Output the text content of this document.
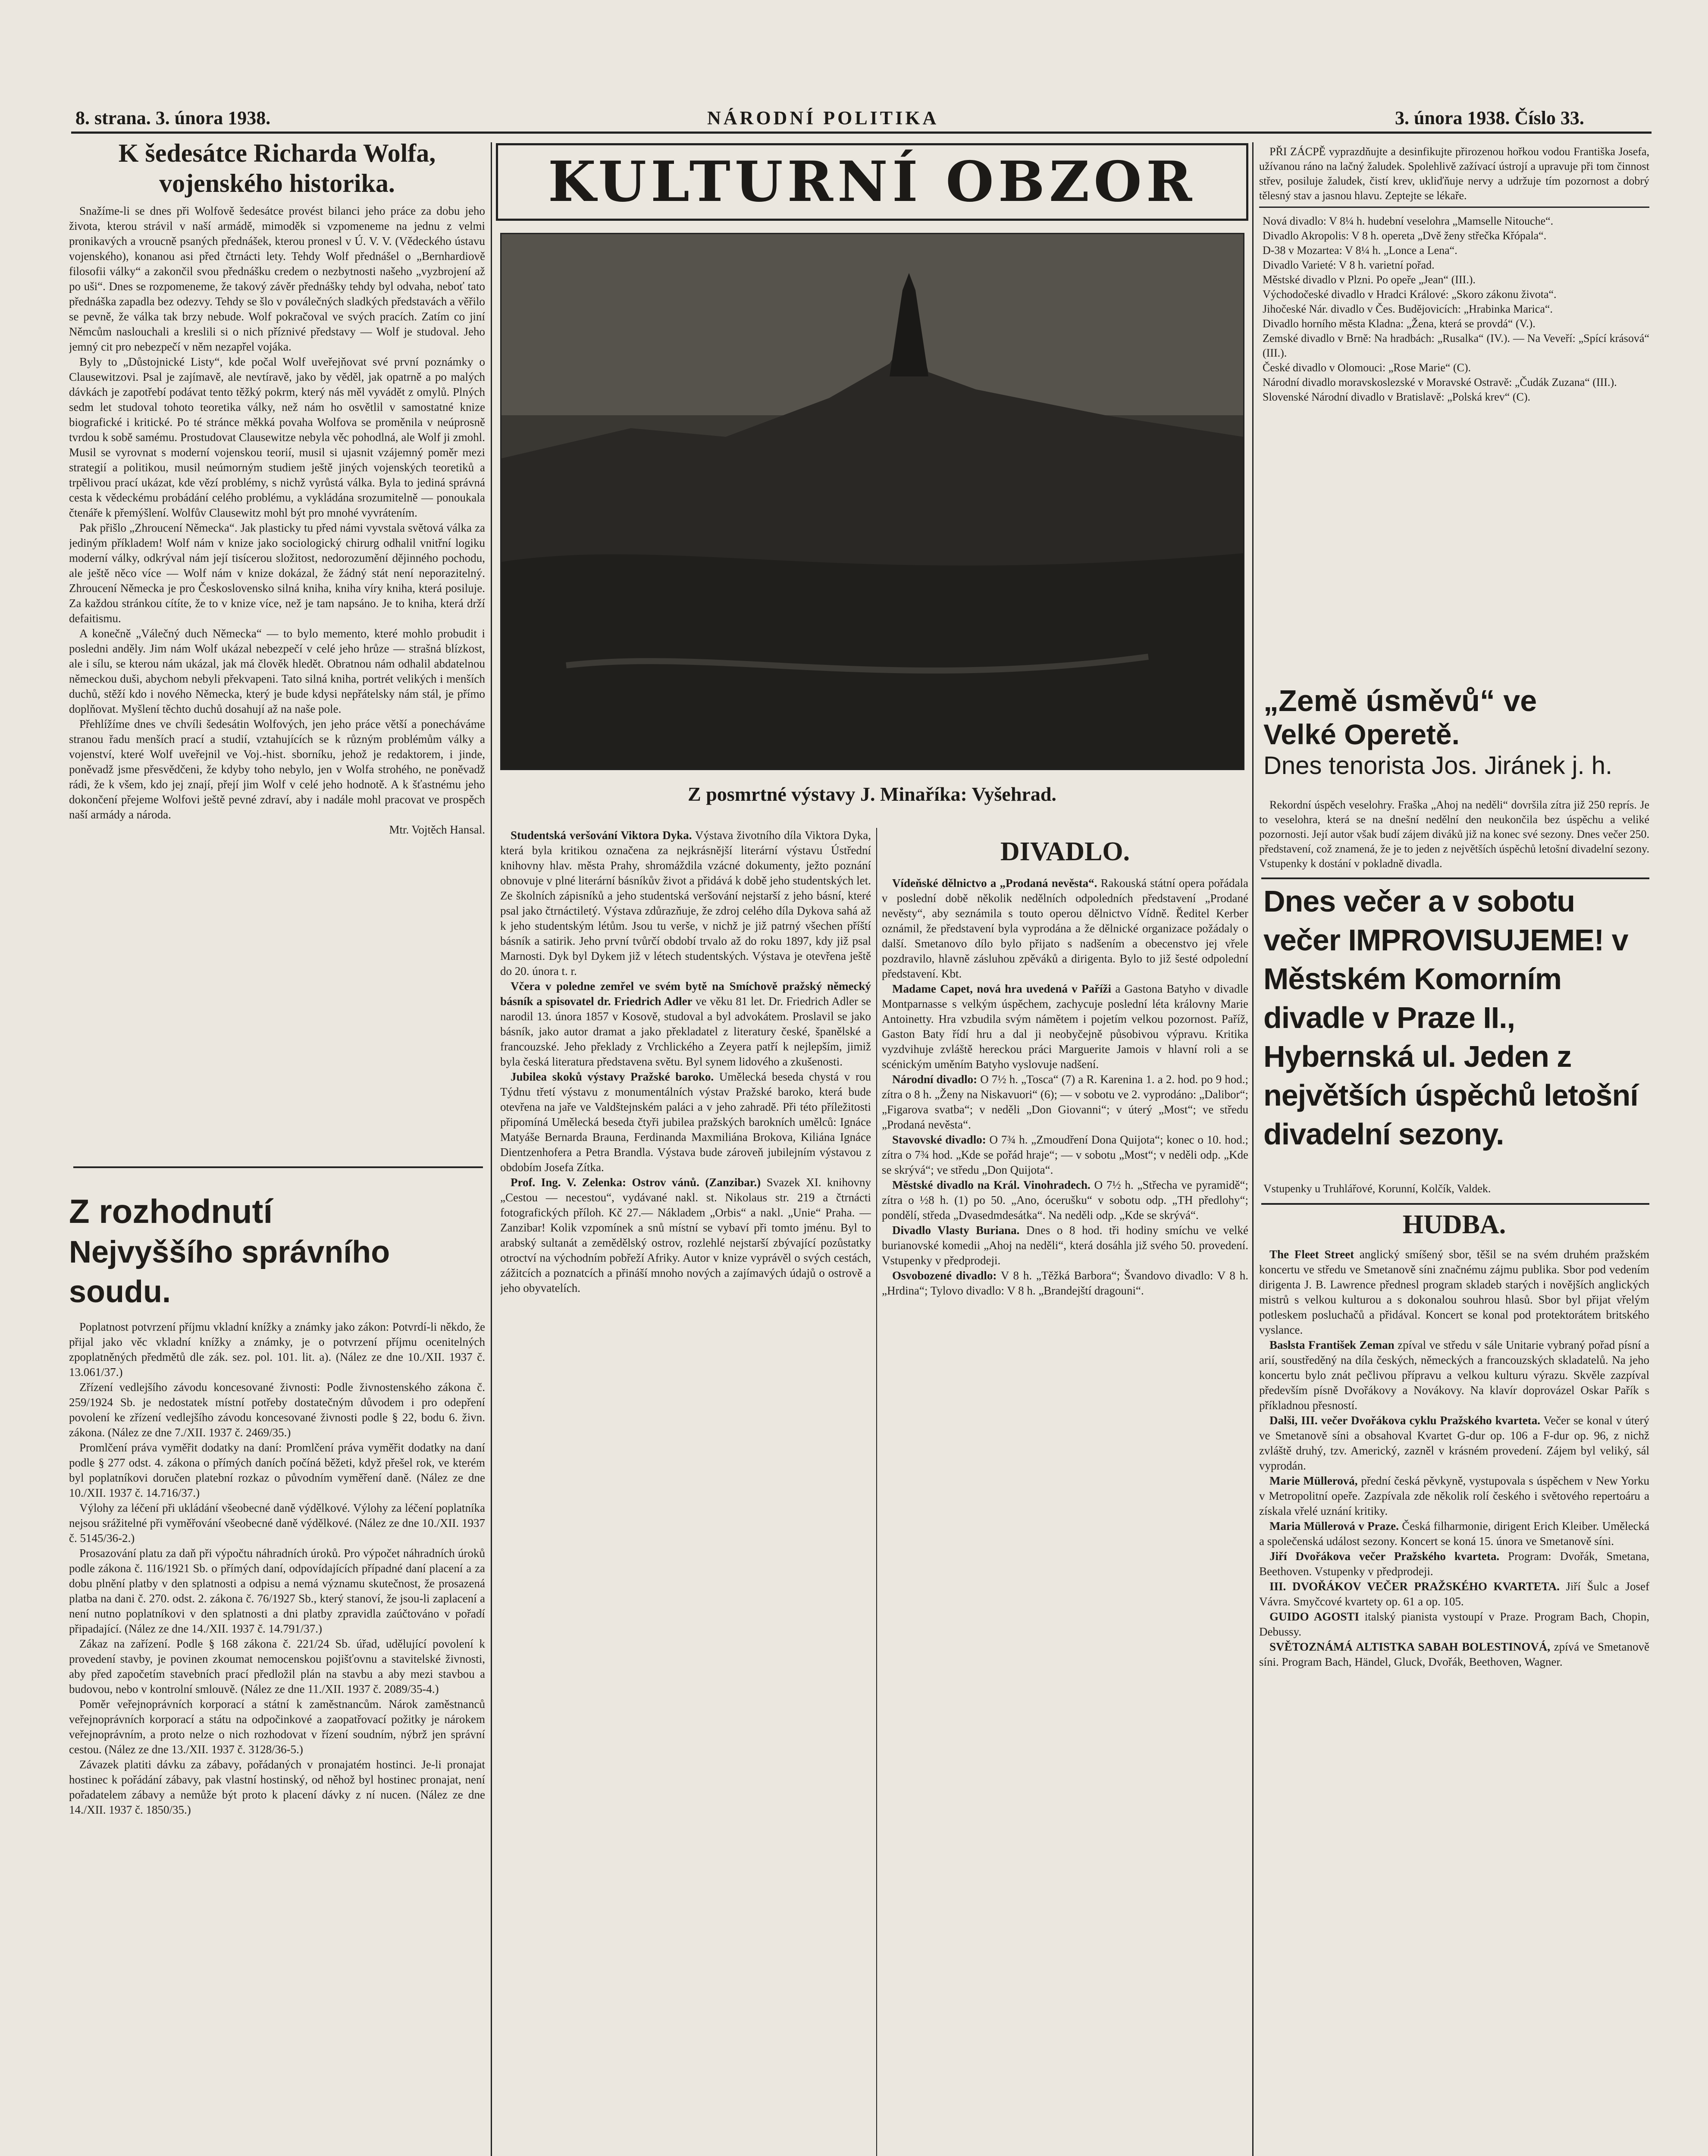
8. strana. 3. února 1938.	NÁRODNÍ POLITIKA	3. února 1938. Číslo 33.

K šedesátce Richarda Wolfa,

vojenského historika.

Snažíme-li se dnes při Wolfově šedesátce provést bilanci jeho práce za dobu jeho života, kterou strávil v naší armádě, mimoděk si vzpomeneme na jednu z velmi pronikavých a vroucně psaných přednášek, kterou pronesl v Ú. V. V. (Vědeckého ústavu vojenského), konanou asi před čtrnácti lety. Tehdy Wolf přednášel o „Bernhardiově filosofii války“ a zakončil svou přednášku credem o nezbytnosti našeho „vyzbrojení až po uši“. Dnes se rozpomeneme, že takový závěr přednášky tehdy byl odvaha, neboť tato přednáška zapadla bez odezvy. Tehdy se šlo v poválečných sladkých představách a věřilo se pevně, že válka tak brzy nebude. Wolf pokračoval ve svých pracích. Zatím co jiní Němcům naslouchali a kreslili si o nich příznivé představy — Wolf je studoval. Jeho jemný cit pro nebezpečí v něm nezapřel vojáka.

Byly to „Důstojnické Listy“, kde počal Wolf uveřejňovat své první poznámky o Clausewitzovi. Psal je zajímavě, ale nevtíravě, jako by věděl, jak opatrně a po malých dávkách je zapotřebí podávat tento těžký pokrm, který nás měl vyvádět z omylů. Plných sedm let studoval tohoto teoretika války, než nám ho osvětlil v samostatné knize biografické i kritické. Po té stránce měkká povaha Wolfova se proměnila v neúprosně tvrdou k sobě samému. Prostudovat Clausewitze nebyla věc pohodlná, ale Wolf ji zmohl. Musil se vyrovnat s moderní vojenskou teorií, musil si ujasnit vzájemný poměr mezi strategií a politikou, musil neúmorným studiem ještě jiných vojenských teoretiků a trpělivou prací ukázat, kde vězí problémy, s nichž vyrůstá válka. Byla to jediná správná cesta k vědeckému probádání celého problému, a vykládána srozumitelně — ponoukala čtenáře k přemýšlení. Wolfův Clausewitz mohl být pro mnohé vyvrátením.

Pak přišlo „Zhroucení Německa“. Jak plasticky tu před námi vyvstala světová válka za jediným příkladem! Wolf nám v knize jako sociologický chirurg odhalil vnitřní logiku moderní války, odkrýval nám její tisícerou složitost, nedorozumění dějinného pochodu, ale ještě něco více — Wolf nám v knize dokázal, že žádný stát není neporazitelný. Zhroucení Německa je pro Československo silná kniha, kniha víry kniha, která posiluje. Za každou stránkou cítíte, že to v knize více, než je tam napsáno. Je to kniha, která drží defaitismu.

A konečně „Válečný duch Německa“ — to bylo memento, které mohlo probudit i posledni anděly. Jim nám Wolf ukázal nebezpečí v celé jeho hrůze — strašná blízkost, ale i sílu, se kterou nám ukázal, jak má člověk hledět. Obratnou nám odhalil abdatelnou německou duši, abychom nebyli překvapeni. Tato silná kniha, portrét velikých i menších duchů, stěží kdo i nového Německa, který je bude kdysi nepřátelsky nám stál, je přímo doplňovat. Myšlení těchto duchů dosahují až na naše pole.

Přehlížíme dnes ve chvíli šedesátin Wolfových, jen jeho práce větší a ponecháváme stranou řadu menších prací a studií, vztahujících se k různým problémům války a vojenství, které Wolf uveřejnil ve Voj.-hist. sborníku, jehož je redaktorem, i jinde, poněvadž jsme přesvědčeni, že kdyby toho nebylo, jen v Wolfa strohého, ne poněvadž rádi, že k všem, kdo jej znají, přejí jim Wolf v celé jeho hodnotě. A k šťastnému jeho dokončení přejeme Wolfovi ještě pevné zdraví, aby i nadále mohl pracovat ve prospěch naší armády a národa.

Mtr. Vojtěch Hansal.

Z rozhodnutí

Nejvyššího správního soudu.

Poplatnost potvrzení příjmu vkladní knížky a známky jako zákon: Potvrdí-li někdo, že přijal jako věc vkladní knížky a známky, je o potvrzení příjmu ocenitelných zpoplatněných předmětů dle zák. sez. pol. 101. lit. a). (Nález ze dne 10./XII. 1937 č. 13.061/37.)

Zřízení vedlejšího závodu koncesované živnosti: Podle živnostenského zákona č. 259/1924 Sb. je nedostatek místní potřeby dostatečným důvodem i pro odepření povolení ke zřízení vedlejšího závodu koncesované živnosti podle § 22, bodu 6. živn. zákona. (Nález ze dne 7./XII. 1937 č. 2469/35.)

Promlčení práva vyměřit dodatky na daní: Promlčení práva vyměřit dodatky na daní podle § 277 odst. 4. zákona o přímých daních počíná běžeti, když přešel rok, ve kterém byl poplatníkovi doručen platební rozkaz o původním vyměření daně. (Nález ze dne 10./XII. 1937 č. 14.716/37.)

Výlohy za léčení při ukládání všeobecné daně výdělkové. Výlohy za léčení poplatníka nejsou srážitelné při vyměřování všeobecné daně výdělkové. (Nález ze dne 10./XII. 1937 č. 5145/36-2.)

Prosazování platu za daň při výpočtu náhradních úroků. Pro výpočet náhradních úroků podle zákona č. 116/1921 Sb. o přímých daní, odpovídajících případné daní placení a za dobu plnění platby v den splatnosti a odpisu a nemá významu skutečnost, že prosazená platba na dani č. 270. odst. 2. zákona č. 76/1927 Sb., který stanoví, že jsou-li zaplacení a není nutno poplatníkovi v den splatnosti a dni platby zpravidla zaúčtováno v pořadí připadající. (Nález ze dne 14./XII. 1937 č. 14.791/37.)

Zákaz na zařízení. Podle § 168 zákona č. 221/24 Sb. úřad, udělující povolení k provedení stavby, je povinen zkoumat nemocenskou pojišťovnu a stavitelské živnosti, aby před započetím stavebních prací předložil plán na stavbu a aby mezi stavbou a budovou, nebo v kontrolní smlouvě. (Nález ze dne 11./XII. 1937 č. 2089/35-4.)

Poměr veřejnoprávních korporací a státní k zaměstnancům. Nárok zaměstnanců veřejnoprávních korporací a státu na odpočinkové a zaopatřovací požitky je nárokem veřejnoprávním, a proto nelze o nich rozhodovat v řízení soudním, nýbrž jen správní cestou. (Nález ze dne 13./XII. 1937 č. 3128/36-5.)

Závazek platiti dávku za zábavy, pořádaných v pronajatém hostinci. Je-li pronajat hostinec k pořádání zábavy, pak vlastní hostinský, od něhož byl hostinec pronajat, není pořadatelem zábavy a nemůže být proto k placení dávky z ní nucen. (Nález ze dne 14./XII. 1937 č. 1850/35.)

KULTURNÍ OBZOR
Z posmrtné výstavy J. Minaříka: Vyšehrad.

Studentská veršování Viktora Dyka. Výstava životního díla Viktora Dyka, která byla kritikou označena za nejkrásnější literární výstavu Ústřední knihovny hlav. města Prahy, shromáždila vzácné dokumenty, ježto poznání obnovuje v plné literární básníkův život a přidává k době jeho studentských let. Ze školních zápisníků a jeho studentská veršování nejstarší z jeho básní, které psal jako čtrnáctiletý. Výstava zdůrazňuje, že zdroj celého díla Dykova sahá až k jeho studentským létům. Jsou tu verše, v nichž je již patrný všechen příští básník a satirik. Jeho první tvůrčí období trvalo až do roku 1897, kdy již psal Marnosti. Dyk byl Dykem již v létech studentských. Výstava je otevřena ještě do 20. února t. r.

Včera v poledne zemřel ve svém bytě na Smíchově pražský německý básník a spisovatel dr. Friedrich Adler ve věku 81 let. Dr. Friedrich Adler se narodil 13. února 1857 v Kosově, studoval a byl advokátem. Proslavil se jako básník, jako autor dramat a jako překladatel z literatury české, španělské a francouzské. Jeho překlady z Vrchlického a Zeyera patří k nejlepším, jimiž byla česká literatura představena světu. Byl synem lidového a zkušenosti.

Jubilea skoků výstavy Pražské baroko. Umělecká beseda chystá v rou Týdnu třetí výstavu z monumentálních výstav Pražské baroko, která bude otevřena na jaře ve Valdštejnském paláci a v jeho zahradě. Při této příležitosti připomíná Umělecká beseda čtyři jubilea pražských barokních umělců: Ignáce Matyáše Bernarda Brauna, Ferdinanda Maxmiliána Brokova, Kiliána Ignáce Dientzenhofera a Petra Brandla. Výstava bude zároveň jubilejním výstavou z obdobím Josefa Zítka.

Prof. Ing. V. Zelenka: Ostrov vánů. (Zanzibar.) Svazek XI. knihovny „Cestou — necestou“, vydávané nakl. st. Nikolaus str. 219 a čtrnácti fotografických příloh. Kč 27.— Nákladem „Orbis“ a nakl. „Unie“ Praha. — Zanzibar! Kolik vzpomínek a snů místní se vybaví při tomto jménu. Byl to arabský sultanát a zemědělský ostrov, rozlehlé nejstarší zbývající pozůstatky otroctví na východním pobřeží Afriky. Autor v knize vyprávěl o svých cestách, zážitcích a poznatcích a přináší mnoho nových a zajímavých údajů o ostrově a jeho obyvatelích.

DIVADLO.

Vídeňské dělnictvo a „Prodaná nevěsta“. Rakouská státní opera pořádala v poslední době několik nedělních odpoledních představení „Prodané nevěsty“, aby seznámila s touto operou dělnictvo Vídně. Ředitel Kerber oznámil, že představení byla vyprodána a že dělnické organizace požádaly o další. Smetanovo dílo bylo přijato s nadšením a obecenstvo jej vřele pozdravilo, hlavně zásluhou zpěváků a dirigenta. Bylo to již šesté odpolední představení. Kbt.

Madame Capet, nová hra uvedená v Paříži a Gastona Batyho v divadle Montparnasse s velkým úspěchem, zachycuje poslední léta královny Marie Antoinetty. Hra vzbudila svým námětem i pojetím velkou pozornost. Paříž, Gaston Baty řídí hru a dal ji neobyčejně působivou výpravu. Kritika vyzdvihuje zvláště hereckou práci Marguerite Jamois v hlavní roli a se scénickým uměním Batyho vyslovuje nadšení.

Národní divadlo: O 7½ h. „Tosca“ (7) a R. Karenina 1. a 2. hod. po 9 hod.; zítra o 8 h. „Ženy na Niskavuori“ (6); — v sobotu ve 2. vyprodáno: „Dalibor“; „Figarova svatba“; v neděli „Don Giovanni“; v úterý „Most“; ve středu „Prodaná nevěsta“.

Stavovské divadlo: O 7¾ h. „Zmoudření Dona Quijota“; konec o 10. hod.; zítra o 7¾ hod. „Kde se pořád hraje“; — v sobotu „Most“; v neděli odp. „Kde se skrývá“; ve středu „Don Quijota“.

Městské divadlo na Král. Vinohradech. O 7½ h. „Střecha ve pyramidě“; zítra o ½8 h. (1) po 50. „Ano, ócerušku“ v sobotu odp. „TH předlohy“; pondělí, středa „Dvasedmdesátka“. Na neděli odp. „Kde se skrývá“.

Divadlo Vlasty Buriana. Dnes o 8 hod. tři hodiny smíchu ve velké burianovské komedii „Ahoj na neděli“, která dosáhla již svého 50. provedení. Vstupenky v předprodeji.

Osvobozené divadlo: V 8 h. „Těžká Barbora“; Švandovo divadlo: V 8 h. „Hrdina“; Tylovo divadlo: V 8 h. „Brandejští dragouni“.

PŘI ZÁCPĚ vyprazdňujte a desinfikujte přirozenou hořkou vodou Františka Josefa, užívanou ráno na lačný žaludek. Spolehlivě zažívací ústrojí a upravuje při tom činnost střev, posiluje žaludek, čistí krev, ukliďňuje nervy a udržuje tím pozornost a dobrý tělesný stav a jasnou hlavu. Zeptejte se lékaře.

Nová divadlo: V 8¼ h. hudební veselohra „Mamselle Nitouche“.

Divadlo Akropolis: V 8 h. opereta „Dvě ženy střečka Křópala“.

D-38 v Mozartea: V 8¼ h. „Lonce a Lena“.

Divadlo Varieté: V 8 h. varietní pořad.

Městské divadlo v Plzni. Po opeře „Jean“ (III.).

Východočeské divadlo v Hradci Králové: „Skoro zákonu života“.

Jihočeské Nár. divadlo v Čes. Budějovicích: „Hrabinka Marica“.

Divadlo horního města Kladna: „Žena, která se provdá“ (V.).

Zemské divadlo v Brně: Na hradbách: „Rusalka“ (IV.). — Na Veveří: „Spící krásová“ (III.).

České divadlo v Olomouci: „Rose Marie“ (C).

Národní divadlo moravskoslezské v Moravské Ostravě: „Čudák Zuzana“ (III.).

Slovenské Národní divadlo v Bratislavě: „Polská krev“ (C).

„Země úsměvů“ ve
Velké Operetě.
Dnes tenorista Jos. Jiránek j. h.

Rekordní úspěch veselohry. Fraška „Ahoj na neděli“ dovršila zítra již 250 reprís. Je to veselohra, která se na dnešní nedělní den neukončila bez úspěchu a veliké pozornosti. Její autor však budí zájem diváků již na konec své sezony. Dnes večer 250. představení, což znamená, že je to jeden z největších úspěchů letošní divadelní sezony. Vstupenky k dostání v pokladně divadla.

Dnes večer a v sobotu večer IMPROVISUJEME! v Městském Komorním divadle v Praze II., Hybernská ul. Jeden z největších úspěchů letošní divadelní sezony.

Vstupenky u Truhlářové, Korunní, Kolčík, Valdek.

HUDBA.

The Fleet Street anglický smíšený sbor, těšil se na svém druhém pražském koncertu ve středu ve Smetanově síni značnému zájmu publika. Sbor pod vedením dirigenta J. B. Lawrence přednesl program skladeb starých i novějších anglických mistrů s velkou kulturou a s dokonalou souhrou hlasů. Sbor byl přijat vřelým potleskem posluchačů a přidával. Koncert se konal pod protektorátem britského vyslance.

Baslsta František Zeman zpíval ve středu v sále Unitarie vybraný pořad písní a arií, soustředěný na díla českých, německých a francouzských skladatelů. Na jeho koncertu bylo znát pečlivou přípravu a velkou kulturu výrazu. Skvěle zazpíval především písně Dvořákovy a Novákovy. Na klavír doprovázel Oskar Pařík s příkladnou přesností.

Dalši, III. večer Dvořákova cyklu Pražského kvarteta. Večer se konal v úterý ve Smetanově síni a obsahoval Kvartet G-dur op. 106 a F-dur op. 96, z nichž zvláště druhý, tzv. Americký, zazněl v krásném provedení. Zájem byl veliký, sál vyprodán.

Marie Müllerová, přední česká pěvkyně, vystupovala s úspěchem v New Yorku v Metropolitní opeře. Zazpívala zde několik rolí českého i světového repertoáru a získala vřelé uznání kritiky.

Maria Müllerová v Praze. Česká filharmonie, dirigent Erich Kleiber. Umělecká a společenská událost sezony. Koncert se koná 15. února ve Smetanově síni.

Jiří Dvořákova večer Pražského kvarteta. Program: Dvořák, Smetana, Beethoven. Vstupenky v předprodeji.

III. DVOŘÁKOV VEČER PRAŽSKÉHO KVARTETA. Jiří Šulc a Josef Vávra. Smyčcové kvartety op. 61 a op. 105.

GUIDO AGOSTI italský pianista vystoupí v Praze. Program Bach, Chopin, Debussy.

SVĚTOZNÁMÁ ALTISTKA SABAH BOLESTINOVÁ, zpívá ve Smetanově síni. Program Bach, Händel, Gluck, Dvořák, Beethoven, Wagner.
